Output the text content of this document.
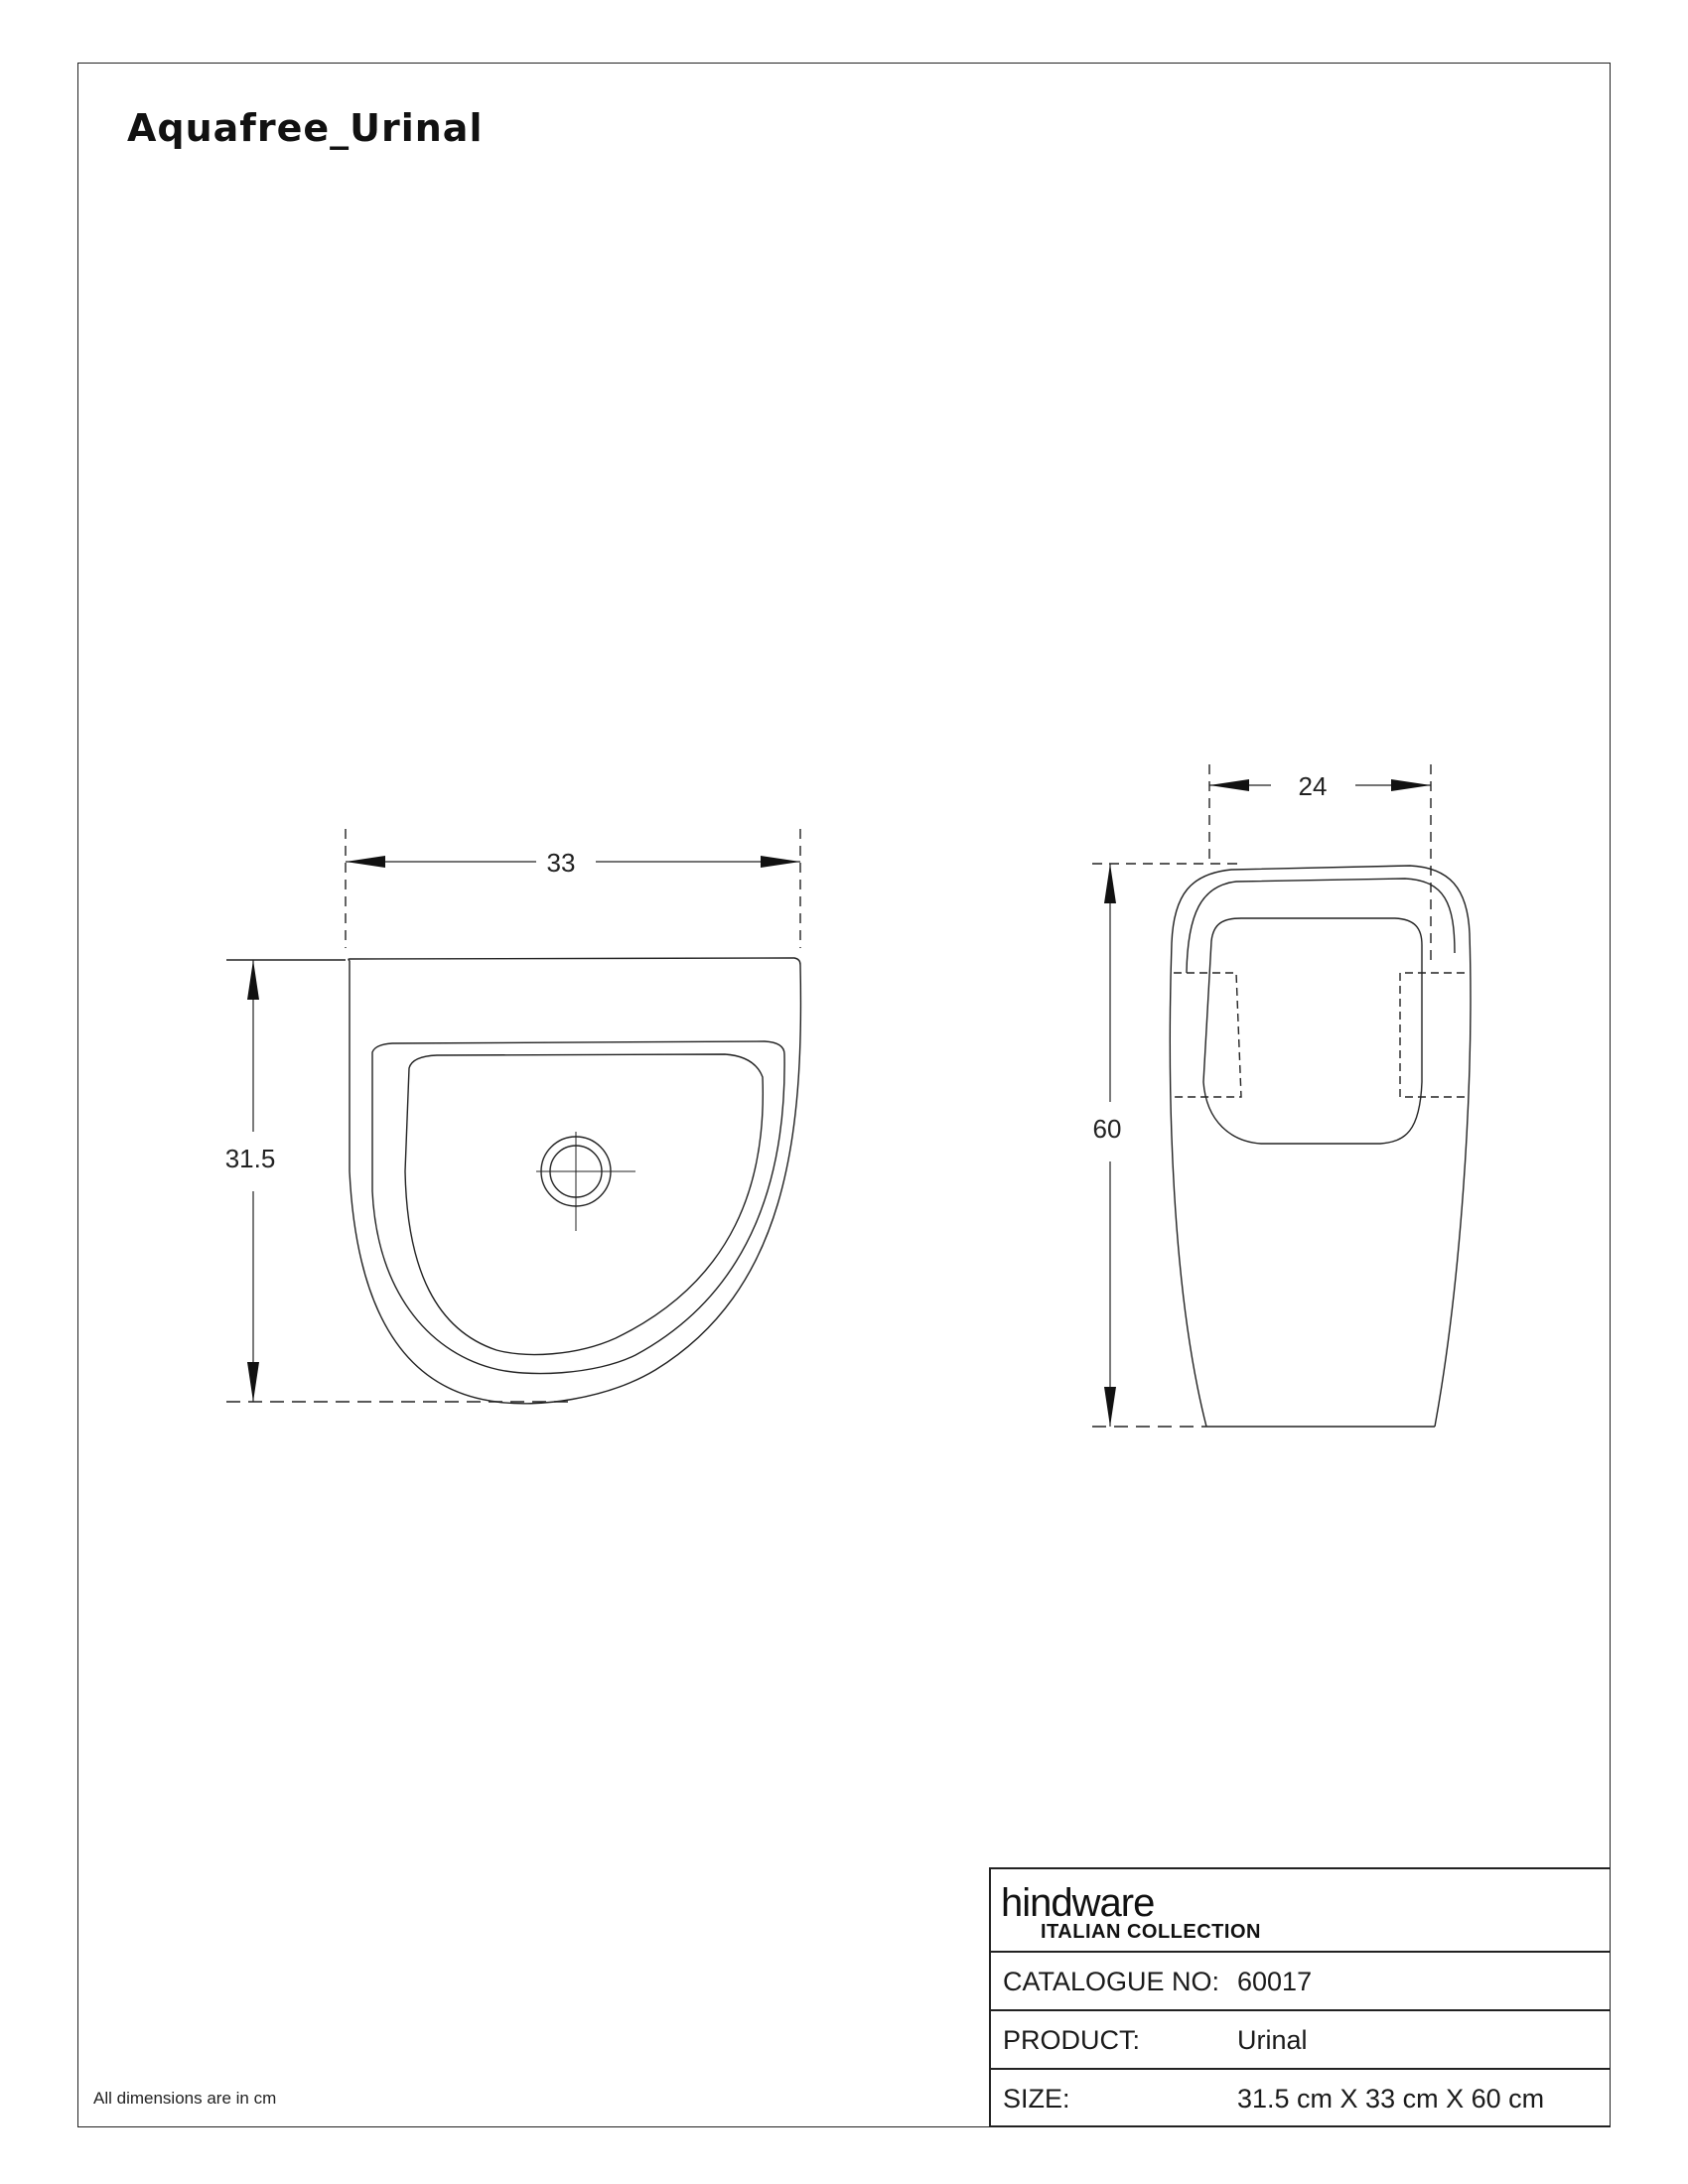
Aquafree_Urinal
33
31.5
24
60
All dimensions are in cm
hindware
ITALIAN COLLECTION
CATALOGUE NO: 60017
PRODUCT:	Urinal
SIZE:	31.5 cm X 33 cm X 60 cm
